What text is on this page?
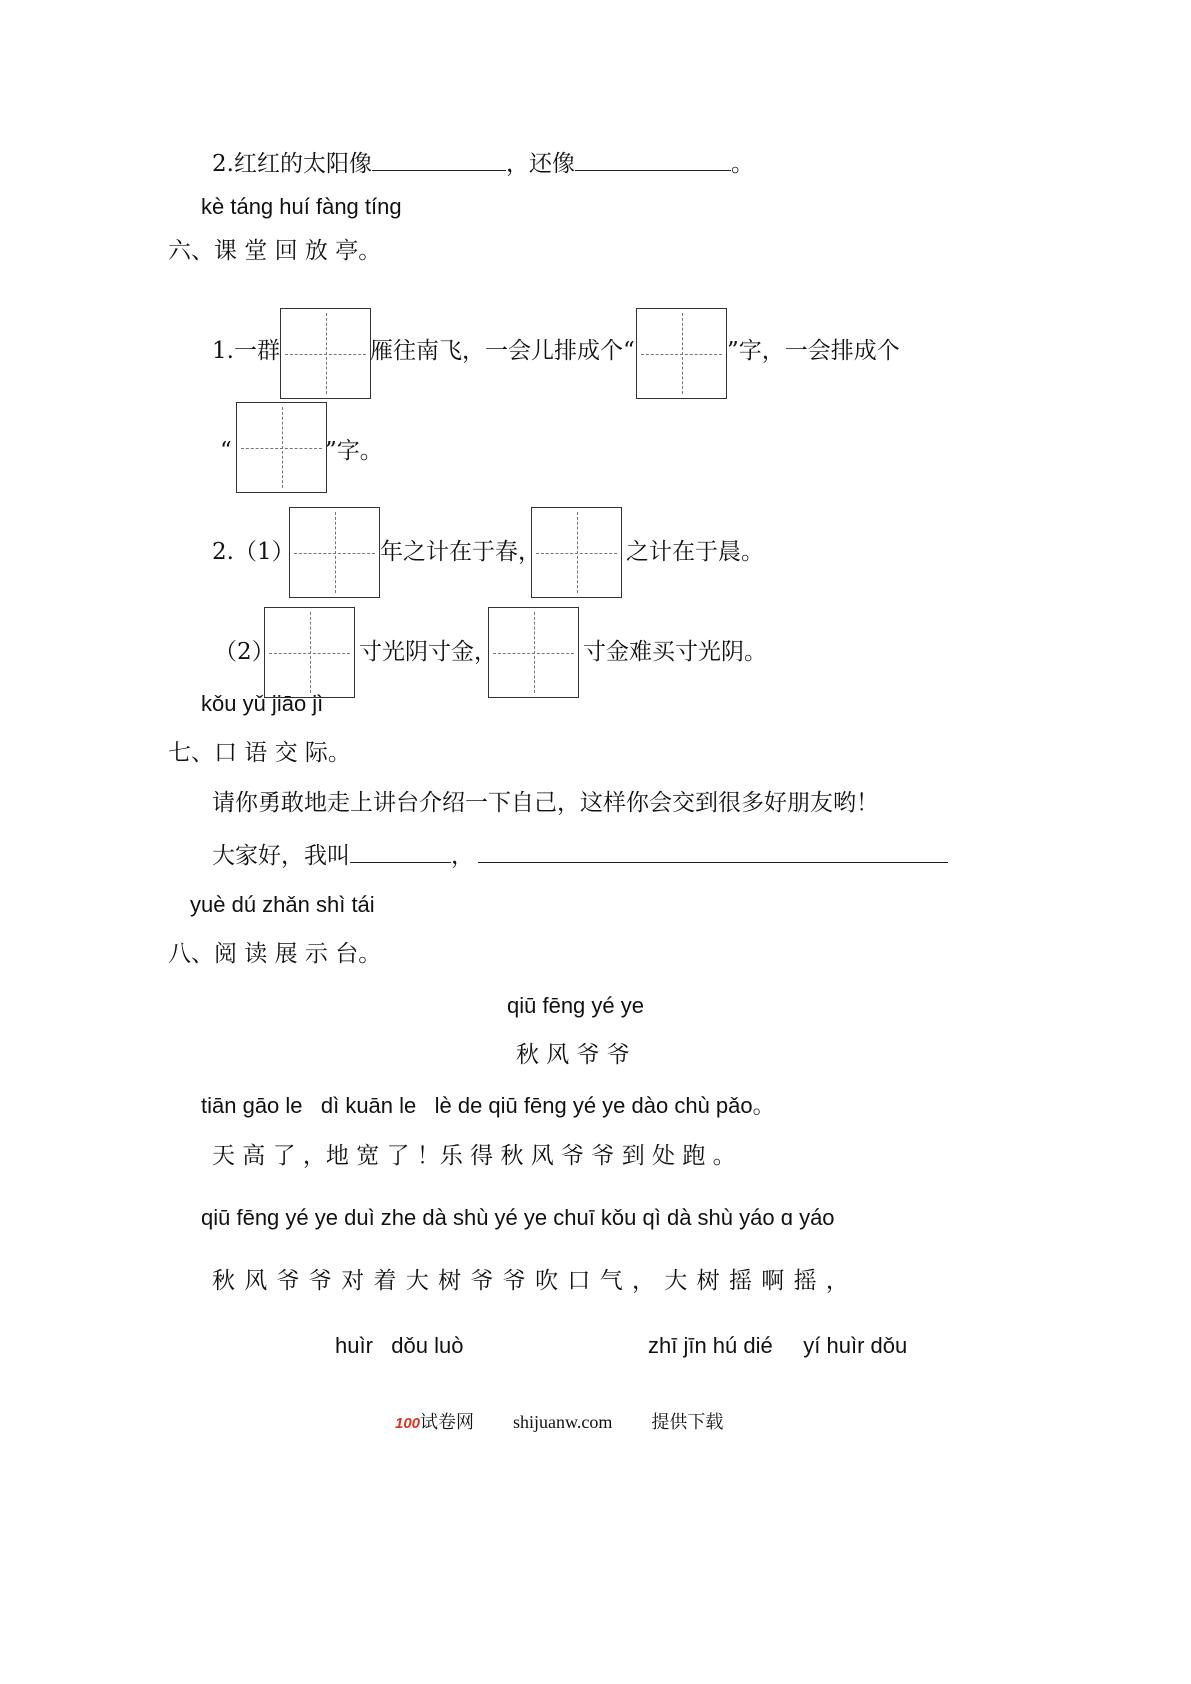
2.红红的太阳像	，还像	。
kè táng huí fàng tíng
六、课 堂 回 放 亭。
1.一群	雁往南飞，一会儿排成个“	”字，一会排成个
“	”字。
2.（1）	年之计在于春，	之计在于晨。
（2）	寸光阴寸金，	寸金难买寸光阴。
kǒu yǔ jiāo jì
七、口 语 交 际。
请你勇敢地走上讲台介绍一下自己，这样你会交到很多好朋友哟！
大家好，我叫	，
yuè dú zhǎn shì tái
八、阅 读 展 示 台。
qiū fēng yé ye
秋 风 爷 爷
tiān gāo le   dì kuān le   lè de qiū fēng yé ye dào chù pǎo。
天 高 了 ，地 宽 了 ！乐 得 秋 风 爷 爷 到 处 跑 。
qiū fēng yé ye duì zhe dà shù yé ye chuī kǒu qì dà shù yáo ɑ yáo
秋 风 爷 爷 对 着 大 树 爷 爷 吹 口 气 ， 大 树 摇 啊 摇 ，
huìr   dǒu luò	zhī jīn hú dié     yí huìr dǒu
100试卷网 shijuanw.com 提供下载
